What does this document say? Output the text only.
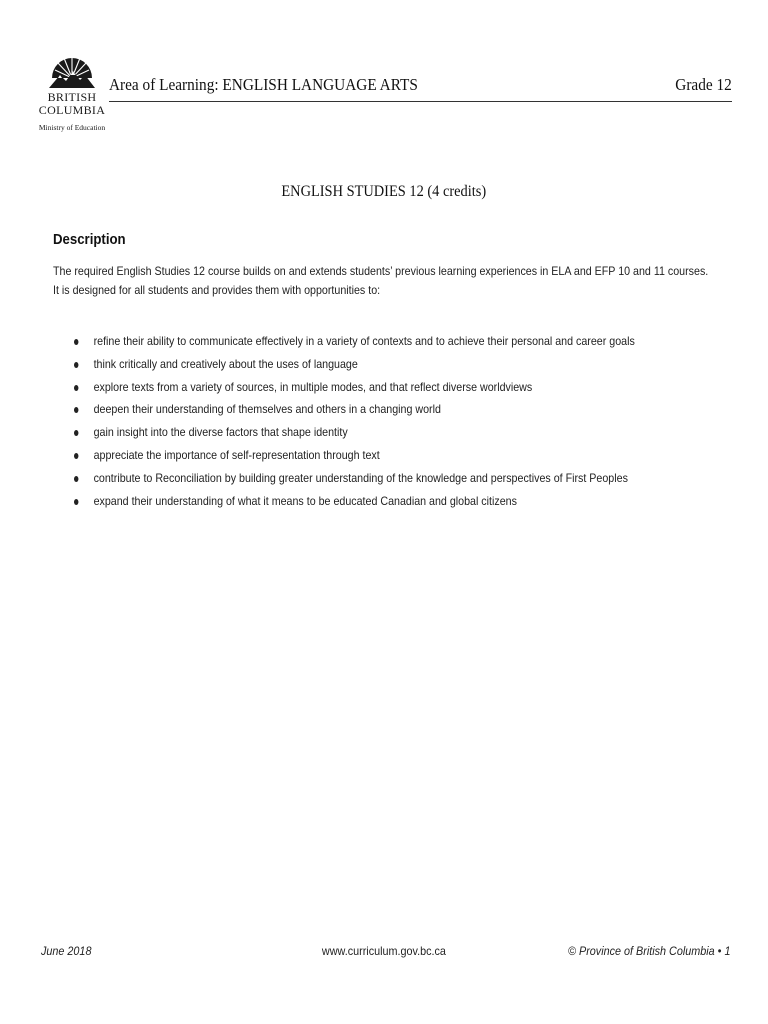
BRITISH
COLUMBIA
Ministry of Education
Area of Learning: ENGLISH LANGUAGE ARTS	Grade 12
ENGLISH STUDIES 12 (4 credits)
Description

The required English Studies 12 course builds on and extends students’ previous learning experiences in ELA and EFP 10 and 11 courses. It is designed for all students and provides them with opportunities to:

refine their ability to communicate effectively in a variety of contexts and to achieve their personal and career goals
think critically and creatively about the uses of language
explore texts from a variety of sources, in multiple modes, and that reflect diverse worldviews
deepen their understanding of themselves and others in a changing world
gain insight into the diverse factors that shape identity
appreciate the importance of self-representation through text
contribute to Reconciliation by building greater understanding of the knowledge and perspectives of First Peoples
expand their understanding of what it means to be educated Canadian and global citizens
June 2018	www.curriculum.gov.bc.ca	© Province of British Columbia • 1
